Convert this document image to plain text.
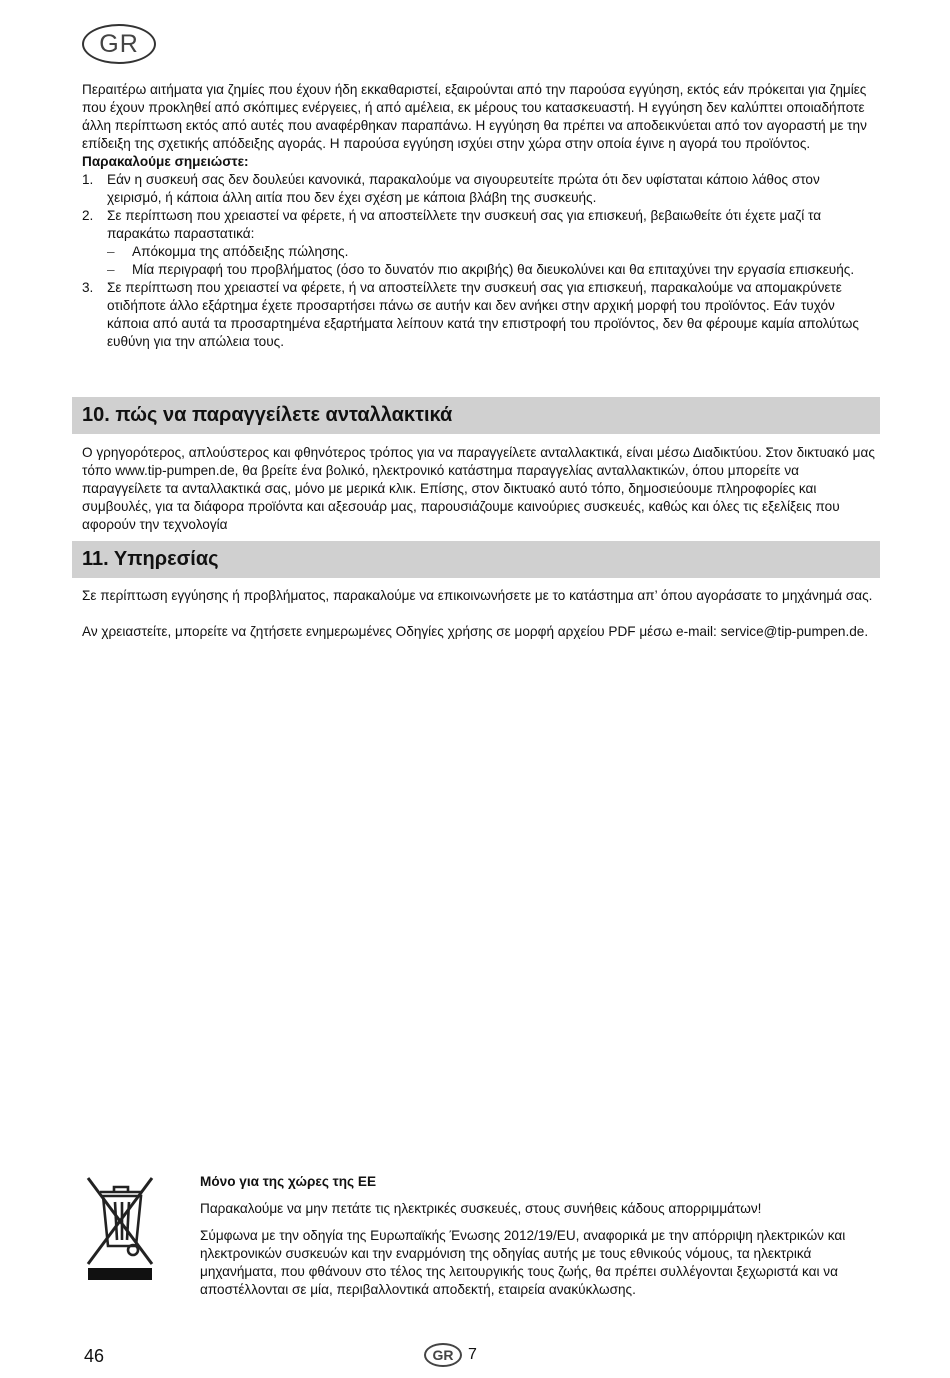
GR

Περαιτέρω αιτήματα για ζημίες που έχουν ήδη εκκαθαριστεί, εξαιρούνται από την παρούσα εγγύηση, εκτός εάν πρόκειται για ζημίες που έχουν προκληθεί από σκόπιμες ενέργειες, ή από αμέλεια, εκ μέρους του κατασκευαστή. Η εγγύηση δεν καλύπτει οποιαδήποτε άλλη περίπτωση εκτός από αυτές που αναφέρθηκαν παραπάνω. Η εγγύηση θα πρέπει να αποδεικνύεται από τον αγοραστή με την επίδειξη της σχετικής απόδειξης αγοράς. Η παρούσα εγγύηση ισχύει στην χώρα στην οποία έγινε η αγορά του προϊόντος.

Παρακαλούμε σημειώστε:

1. Εάν η συσκευή σας δεν δουλεύει κανονικά, παρακαλούμε να σιγουρευτείτε πρώτα ότι δεν υφίσταται κάποιο λάθος στον χειρισμό, ή κάποια άλλη αιτία που δεν έχει σχέση με κάποια βλάβη της συσκευής.
2. Σε περίπτωση που χρειαστεί να φέρετε, ή να αποστείλλετε την συσκευή σας για επισκευή, βεβαιωθείτε ότι έχετε μαζί τα παρακάτω παραστατικά:
– Απόκομμα της απόδειξης πώλησης.
– Μία περιγραφή του προβλήματος (όσο το δυνατόν πιο ακριβής) θα διευκολύνει και θα επιταχύνει την εργασία επισκευής.
3. Σε περίπτωση που χρειαστεί να φέρετε, ή να αποστείλλετε την συσκευή σας για επισκευή, παρακαλούμε να απομακρύνετε οτιδήποτε άλλο εξάρτημα έχετε προσαρτήσει πάνω σε αυτήν και δεν ανήκει στην αρχική μορφή του προϊόντος. Εάν τυχόν κάποια από αυτά τα προσαρτημένα εξαρτήματα λείπουν κατά την επιστροφή του προϊόντος, δεν θα φέρουμε καμία απολύτως ευθύνη για την απώλεια τους.
10. πώς να παραγγείλετε ανταλλακτικά
Ο γρηγορότερος, απλούστερος και φθηνότερος τρόπος για να παραγγείλετε ανταλλακτικά, είναι μέσω Διαδικτύου. Στον δικτυακό μας τόπο www.tip-pumpen.de, θα βρείτε ένα βολικό, ηλεκτρονικό κατάστημα παραγγελίας ανταλλακτικών, όπου μπορείτε να παραγγείλετε τα ανταλλακτικά σας, μόνο με μερικά κλικ. Επίσης, στον δικτυακό αυτό τόπο, δημοσιεύουμε πληροφορίες και συμβουλές, για τα διάφορα προϊόντα και αξεσουάρ μας, παρουσιάζουμε καινούριες συσκευές, καθώς και όλες τις εξελίξεις που αφορούν την τεχνολογία
11. Υπηρεσίας

Σε περίπτωση εγγύησης ή προβλήματος, παρακαλούμε να επικοινωνήσετε με το κατάστημα απ’ όπου αγοράσατε το μηχάνημά σας.

Αν χρειαστείτε, μπορείτε να ζητήσετε ενημερωμένες Οδηγίες χρήσης σε μορφή αρχείου PDF μέσω e-mail: service@tip-pumpen.de.

Μόνο για της χώρες της ΕΕ

Παρακαλούμε να μην πετάτε τις ηλεκτρικές συσκευές, στους συνήθεις κάδους απορριμμάτων!

Σύμφωνα με την οδηγία της Ευρωπαϊκής Ένωσης 2012/19/EU, αναφορικά με την απόρριψη ηλεκτρικών και ηλεκτρονικών συσκευών και την εναρμόνιση της οδηγίας αυτής με τους εθνικούς νόμους, τα ηλεκτρικά μηχανήματα, που φθάνουν στο τέλος της λειτουργικής τους ζωής, θα πρέπει συλλέγονται ξεχωριστά και να αποστέλλονται σε μία, περιβαλλοντικά αποδεκτή, εταιρεία ανακύκλωσης.

46	GR 7
